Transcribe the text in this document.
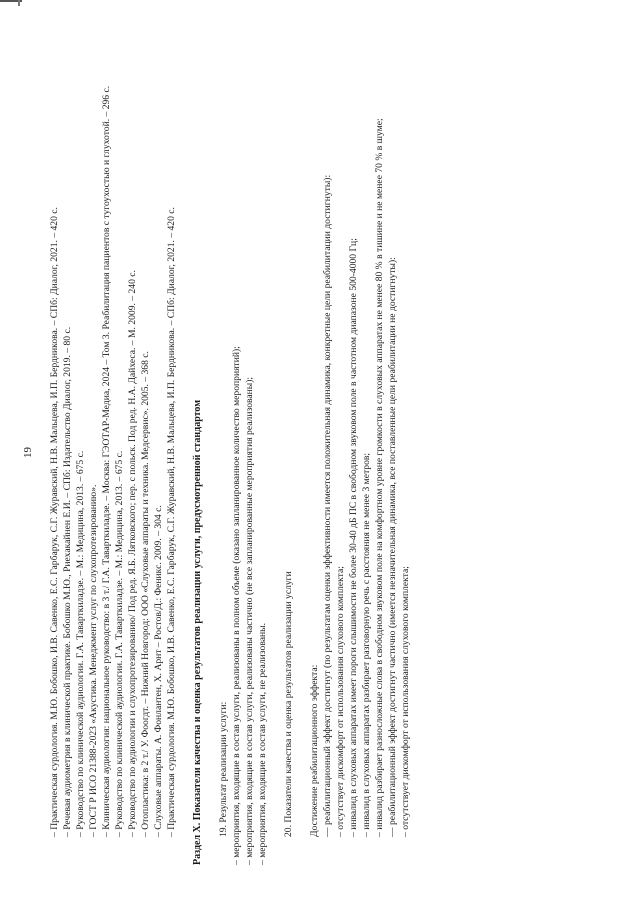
19 – Практическая сурдология. М.Ю. Бобошко, И.В. Савенко, Е.С. Гарбарук, С.Г. Журавский, Н.В. Мальцева, И.П. Бердникова. – СПб: Диалог, 2021. – 420 с. – Речевая аудиометрия в клинической практике. Бобошко М.Ю., Риехакайнен Е.И. – СПб: Издательство Диалог, 2019. – 80 с. – Руководство по клинической аудиологии. Г.А. Таварткиладзе. – М.: Медицина, 2013. – 675 с. – ГОСТ Р ИСО 21388-2023 «Акустика. Менеджмент услуг по слухопротезированию». – Клиническая аудиология: национальное руководство: в 3 т./ Г.А. Таварткиладзе. – Москва: ГЭОТАР-Медиа, 2024 – Том 3. Реабилитация пациентов с тугоухостью и глухотой. – 296 с. – Руководство по клинической аудиологии. Г.А. Таварткиладзе. – М.: Медицина, 2013. – 675 с. – Руководство по аудиологии и слухопротезированию/ Под ред. Я.Б. Лятковского; пер. с польск. Под ред. Н.А. Дайхеса. – М. 2009. – 240 с. – Отопластика: в 2 т./ У. Фоогдт. – Нижний Новгород: ООО «Слуховые аппараты и техника. Медсервис». 2005. – 368 с. – Слуховые аппараты. А. Фонлантен, Х. Арнт – Ростов/Д.: Феникс. 2009. – 304 с. – Практическая сурдология. М.Ю. Бобошко, И.В. Савенко, Е.С. Гарбарук, С.Г. Журавский, Н.В. Мальцева, И.П. Бердникова. – СПб: Диалог, 2021. – 420 с. Раздел X. Показатели качества и оценка результатов реализации услуги, предусмотренной стандартом 19. Результат реализации услуги: – мероприятия, входящие в состав услуги, реализованы в полном объеме (оказано запланированное количество мероприятий); – мероприятия, входящие в состав услуги, реализованы частично (не все запланированные мероприятия реализованы); – мероприятия, входящие в состав услуги, не реализованы. 20. Показатели качества и оценка результатов реализации услуги Достижение реабилитационного эффекта: — реабилитационный эффект достигнут (по результатам оценки эффективности имеется положительная динамика, конкретные цели реабилитации достигнуты): – отсутствует дискомфорт от использования слухового комплекта; – инвалид в слуховых аппаратах имеет пороги слышимости не более 30-40 дБ ПС в свободном звуковом поле в частотном диапазоне 500-4000 Гц; – инвалид в слуховых аппаратах разбирает разговорную речь с расстояния не менее 3 метров; – инвалид разбирает разносложные слова в свободном звуковом поле на комфортном уровне громкости в слуховых аппаратах не менее 80 % в тишине и не менее 70 % в шуме; — реабилитационный эффект достигнут частично (имеется незначительная динамика, все поставленные цели реабилитации не достигнуты): – отсутствует дискомфорт от использования слухового комплекта;
